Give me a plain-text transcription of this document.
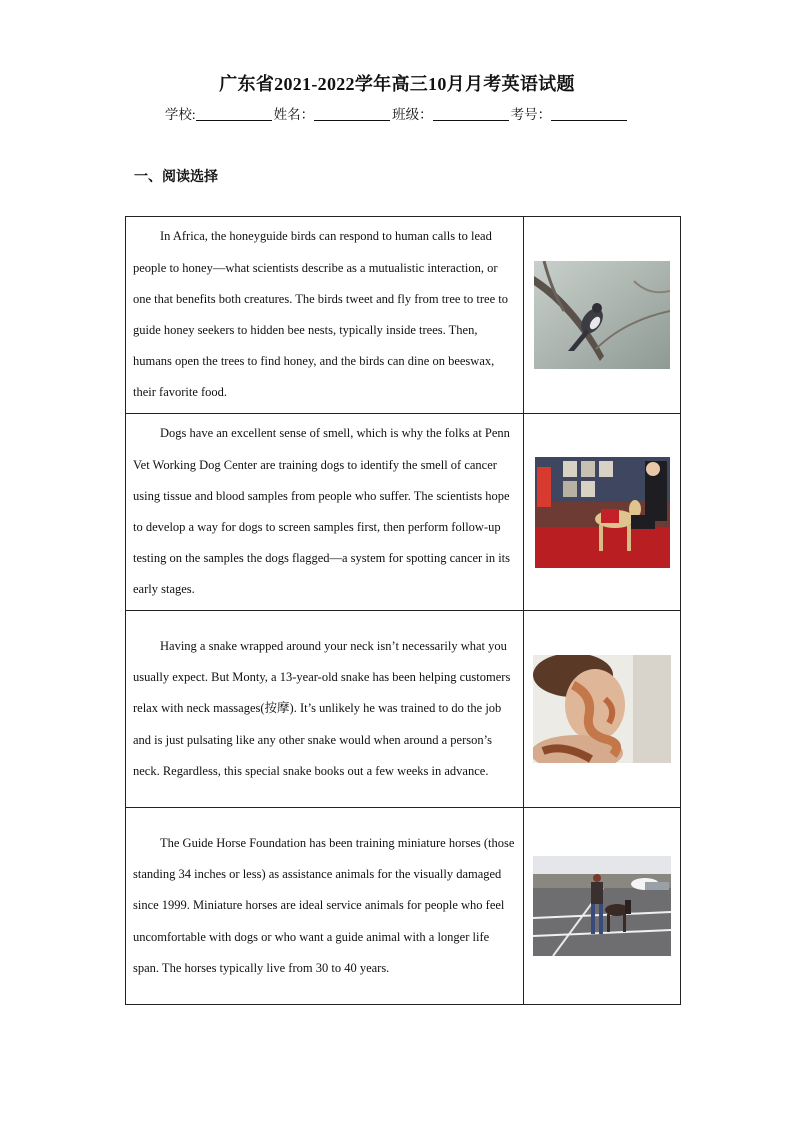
广东省2021-2022学年高三10月月考英语试题
学校:	姓名：	班级：	考号：
一、阅读选择

In Africa, the honeyguide birds can respond to human calls to lead people to honey—what scientists describe as a mutualistic interaction, or one that benefits both creatures. The birds tweet and fly from tree to tree to guide honey seekers to hidden bee nests, typically inside trees. Then, humans open the trees to find honey, and the birds can dine on beeswax, their favorite food.

Dogs have an excellent sense of smell, which is why the folks at Penn Vet Working Dog Center are training dogs to identify the smell of cancer using tissue and blood samples from people who suffer. The scientists hope to develop a way for dogs to screen samples first, then perform follow-up testing on the samples the dogs flagged—a system for spotting cancer in its early stages.

Having a snake wrapped around your neck isn’t necessarily what you usually expect. But Monty, a 13-year-old snake has been helping customers relax with neck massages(按摩). It’s unlikely he was trained to do the job and is just pulsating like any other snake would when around a person’s neck. Regardless, this special snake books out a few weeks in advance.

The Guide Horse Foundation has been training miniature horses (those standing 34 inches or less) as assistance animals for the visually damaged since 1999. Miniature horses are ideal service animals for people who feel uncomfortable with dogs or who want a guide animal with a longer life span. The horses typically live from 30 to 40 years.
